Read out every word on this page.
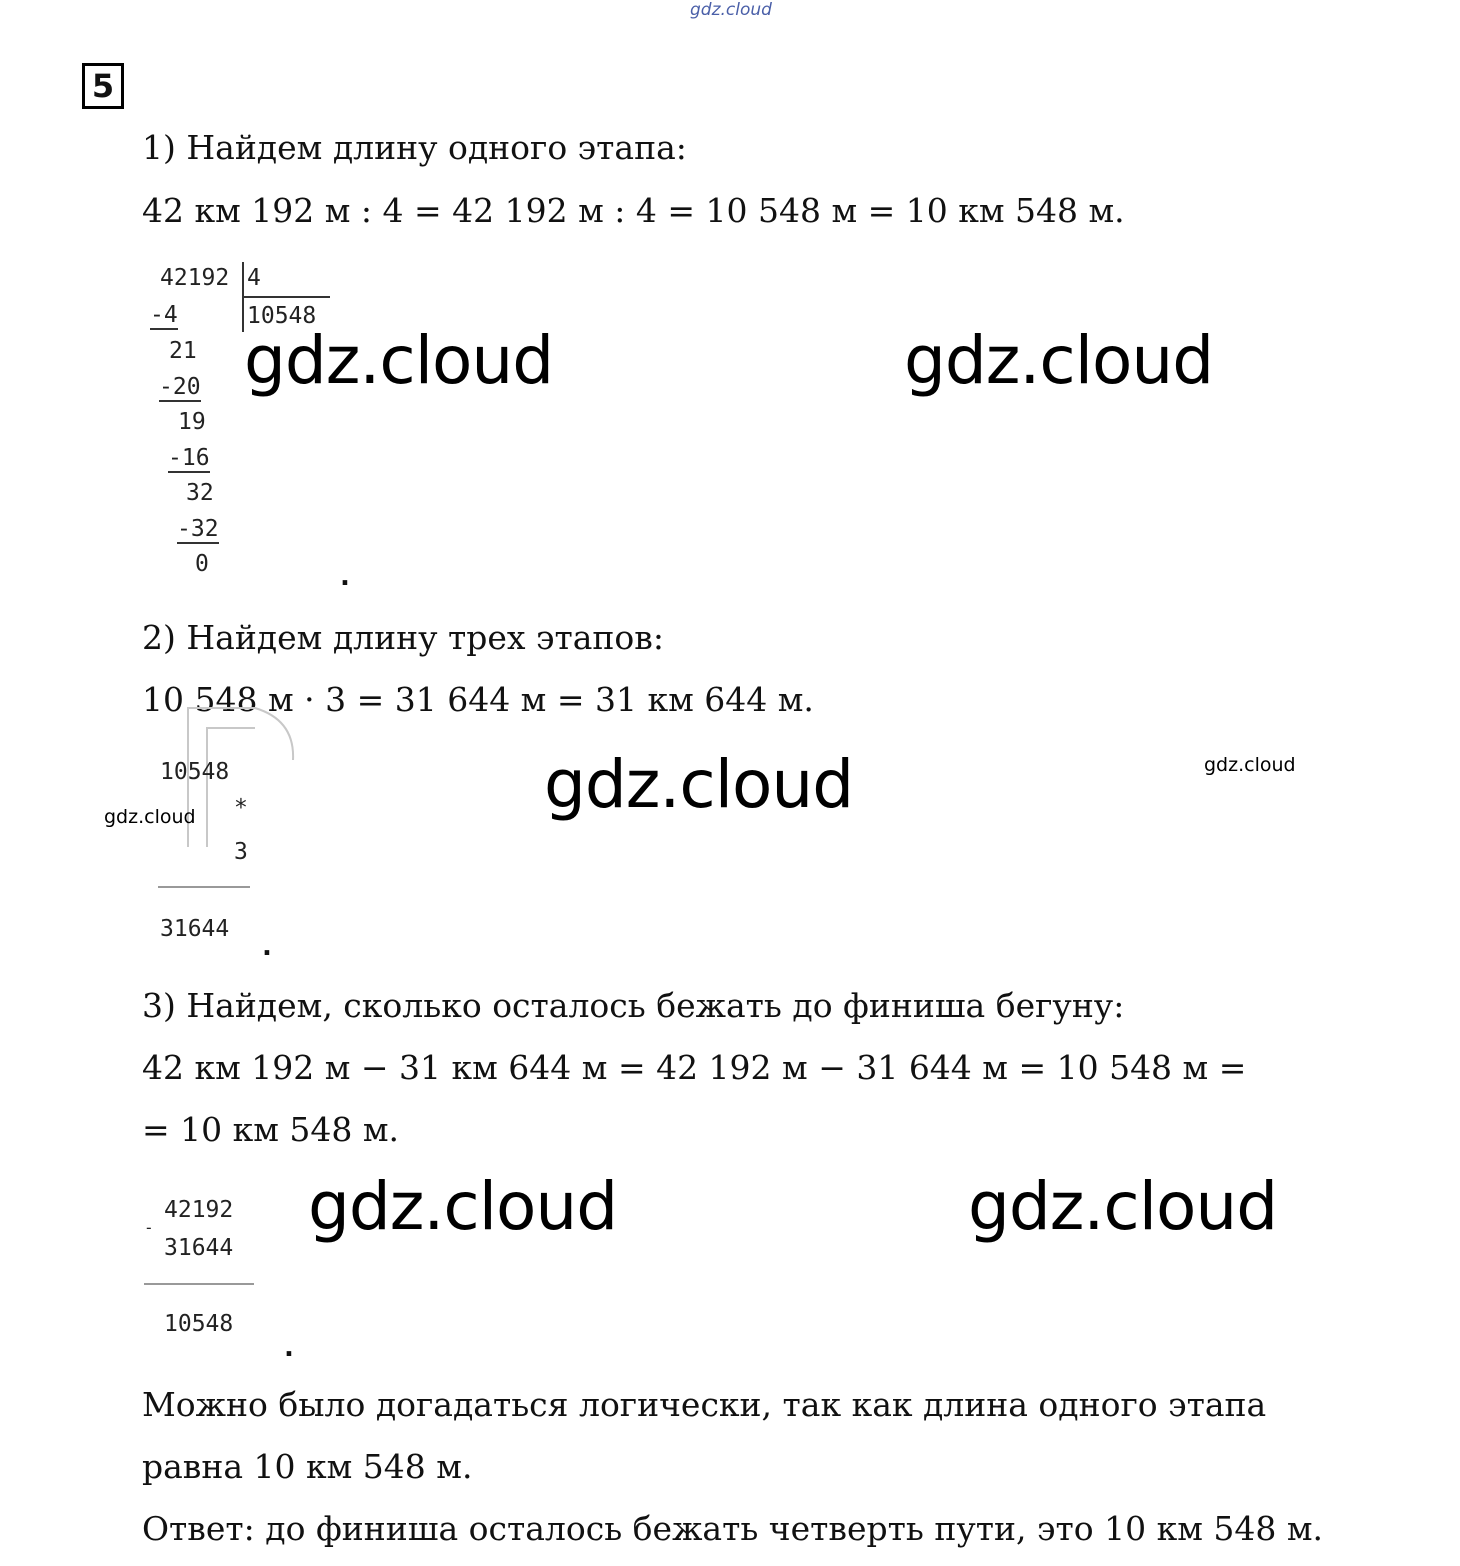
gdz.cloud
5
1) Найдем длину одного этапа:
42 км 192 м : 4 = 42 192 м : 4 = 10 548 м = 10 км 548 м.
42192 4
10548
-4
21
-20
19
-16
32
-32
0	.
2) Найдем длину трех этапов:
10 548 м · 3 = 31 644 м = 31 км 644 м.
10548
*
3
31644
.
3) Найдем, сколько осталось бежать до финиша бегуну:
42 км 192 м − 31 км 644 м = 42 192 м − 31 644 м = 10 548 м =
= 10 км 548 м.
-
42192
31644
10548
.
Можно было догадаться логически, так как длина одного этапа
равна 10 км 548 м.
Ответ: до финиша осталось бежать четверть пути, это 10 км 548 м.
gdz.cloud	gdz.cloud
gdz.cloud
gdz.cloud	gdz.cloud
gdz.cloud
gdz.cloud
